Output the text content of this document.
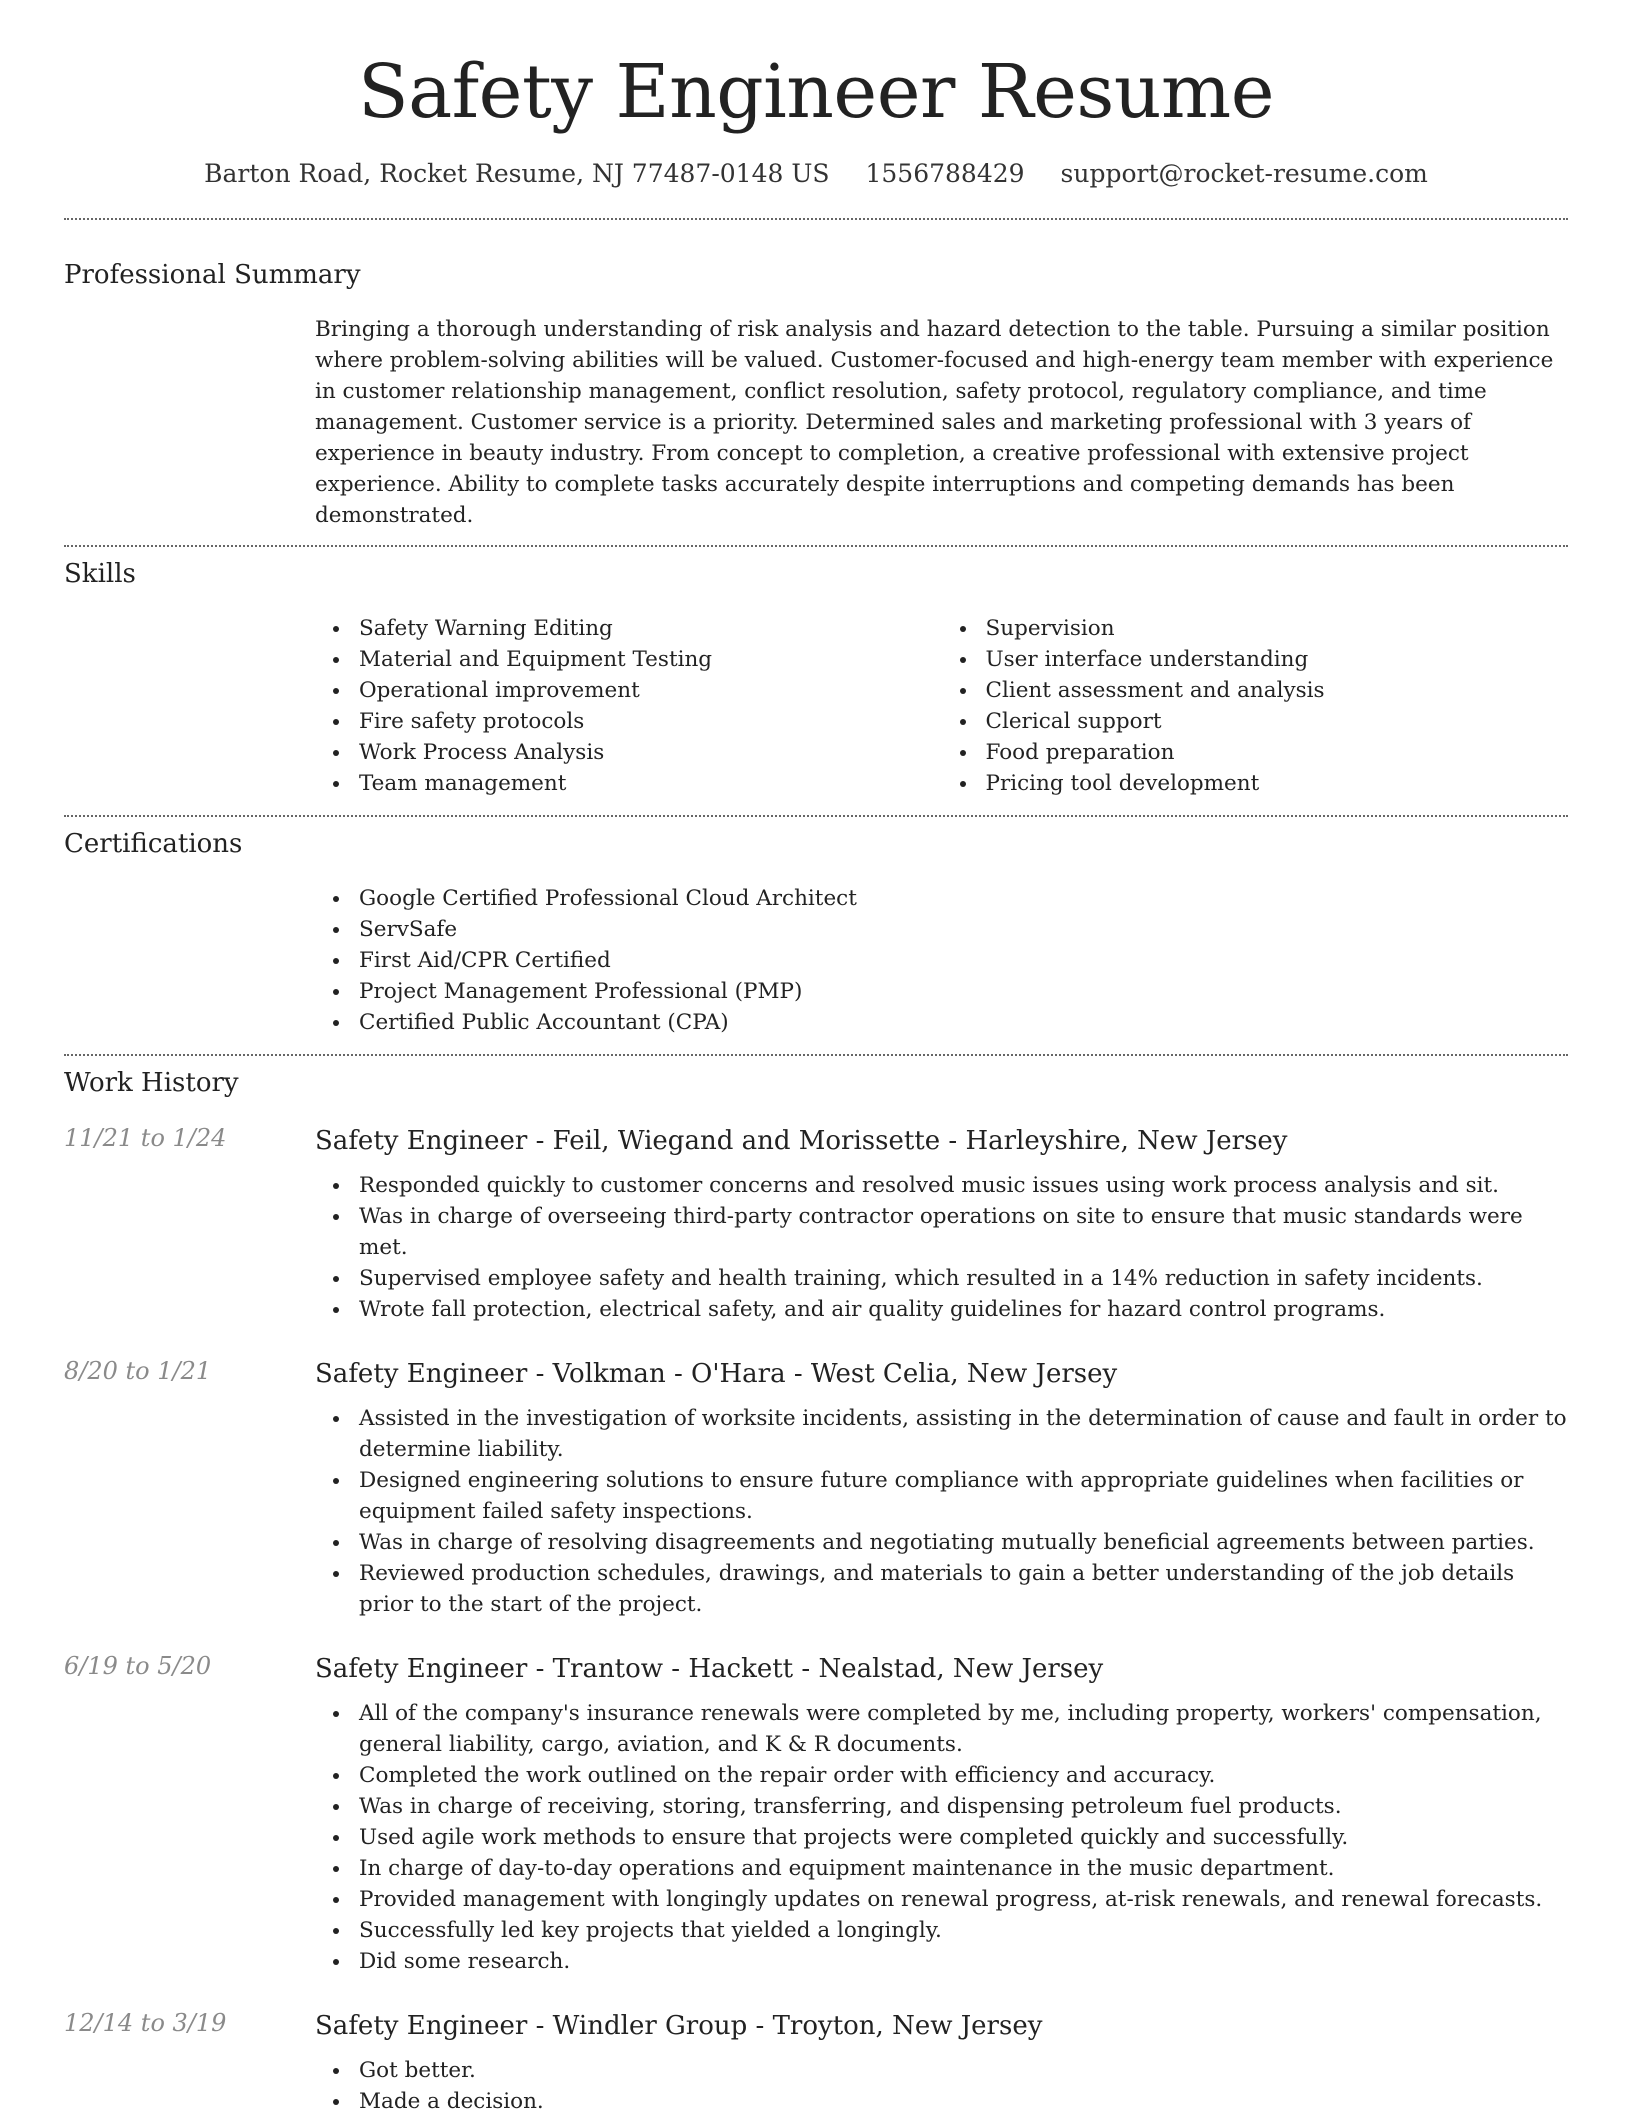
Safety Engineer Resume
Barton Road, Rocket Resume, NJ 77487-0148 US 1556788429 support@rocket-resume.com
Professional Summary
Bringing a thorough understanding of risk analysis and hazard detection to the table. Pursuing a similar position where problem-solving abilities will be valued. Customer-focused and high-energy team member with experience in customer relationship management, conflict resolution, safety protocol, regulatory compliance, and time management. Customer service is a priority. Determined sales and marketing professional with 3 years of experience in beauty industry. From concept to completion, a creative professional with extensive project experience. Ability to complete tasks accurately despite interruptions and competing demands has been demonstrated.
Skills
Safety Warning Editing
Material and Equipment Testing
Operational improvement
Fire safety protocols
Work Process Analysis
Team management
Supervision
User interface understanding
Client assessment and analysis
Clerical support
Food preparation
Pricing tool development
Certifications
Google Certified Professional Cloud Architect
ServSafe
First Aid/CPR Certified
Project Management Professional (PMP)
Certified Public Accountant (CPA)
Work History
11/21 to 1/24	Safety Engineer - Feil, Wiegand and Morissette - Harleyshire, New Jersey
Responded quickly to customer concerns and resolved music issues using work process analysis and sit.
Was in charge of overseeing third-party contractor operations on site to ensure that music standards were met.
Supervised employee safety and health training, which resulted in a 14% reduction in safety incidents.
Wrote fall protection, electrical safety, and air quality guidelines for hazard control programs.
8/20 to 1/21	Safety Engineer - Volkman - O'Hara - West Celia, New Jersey
Assisted in the investigation of worksite incidents, assisting in the determination of cause and fault in order to determine liability.
Designed engineering solutions to ensure future compliance with appropriate guidelines when facilities or equipment failed safety inspections.
Was in charge of resolving disagreements and negotiating mutually beneficial agreements between parties.
Reviewed production schedules, drawings, and materials to gain a better understanding of the job details prior to the start of the project.
6/19 to 5/20	Safety Engineer - Trantow - Hackett - Nealstad, New Jersey
All of the company's insurance renewals were completed by me, including property, workers' compensation, general liability, cargo, aviation, and K & R documents.
Completed the work outlined on the repair order with efficiency and accuracy.
Was in charge of receiving, storing, transferring, and dispensing petroleum fuel products.
Used agile work methods to ensure that projects were completed quickly and successfully.
In charge of day-to-day operations and equipment maintenance in the music department.
Provided management with longingly updates on renewal progress, at-risk renewals, and renewal forecasts.
Successfully led key projects that yielded a longingly.
Did some research.
12/14 to 3/19	Safety Engineer - Windler Group - Troyton, New Jersey
Got better.
Made a decision.
